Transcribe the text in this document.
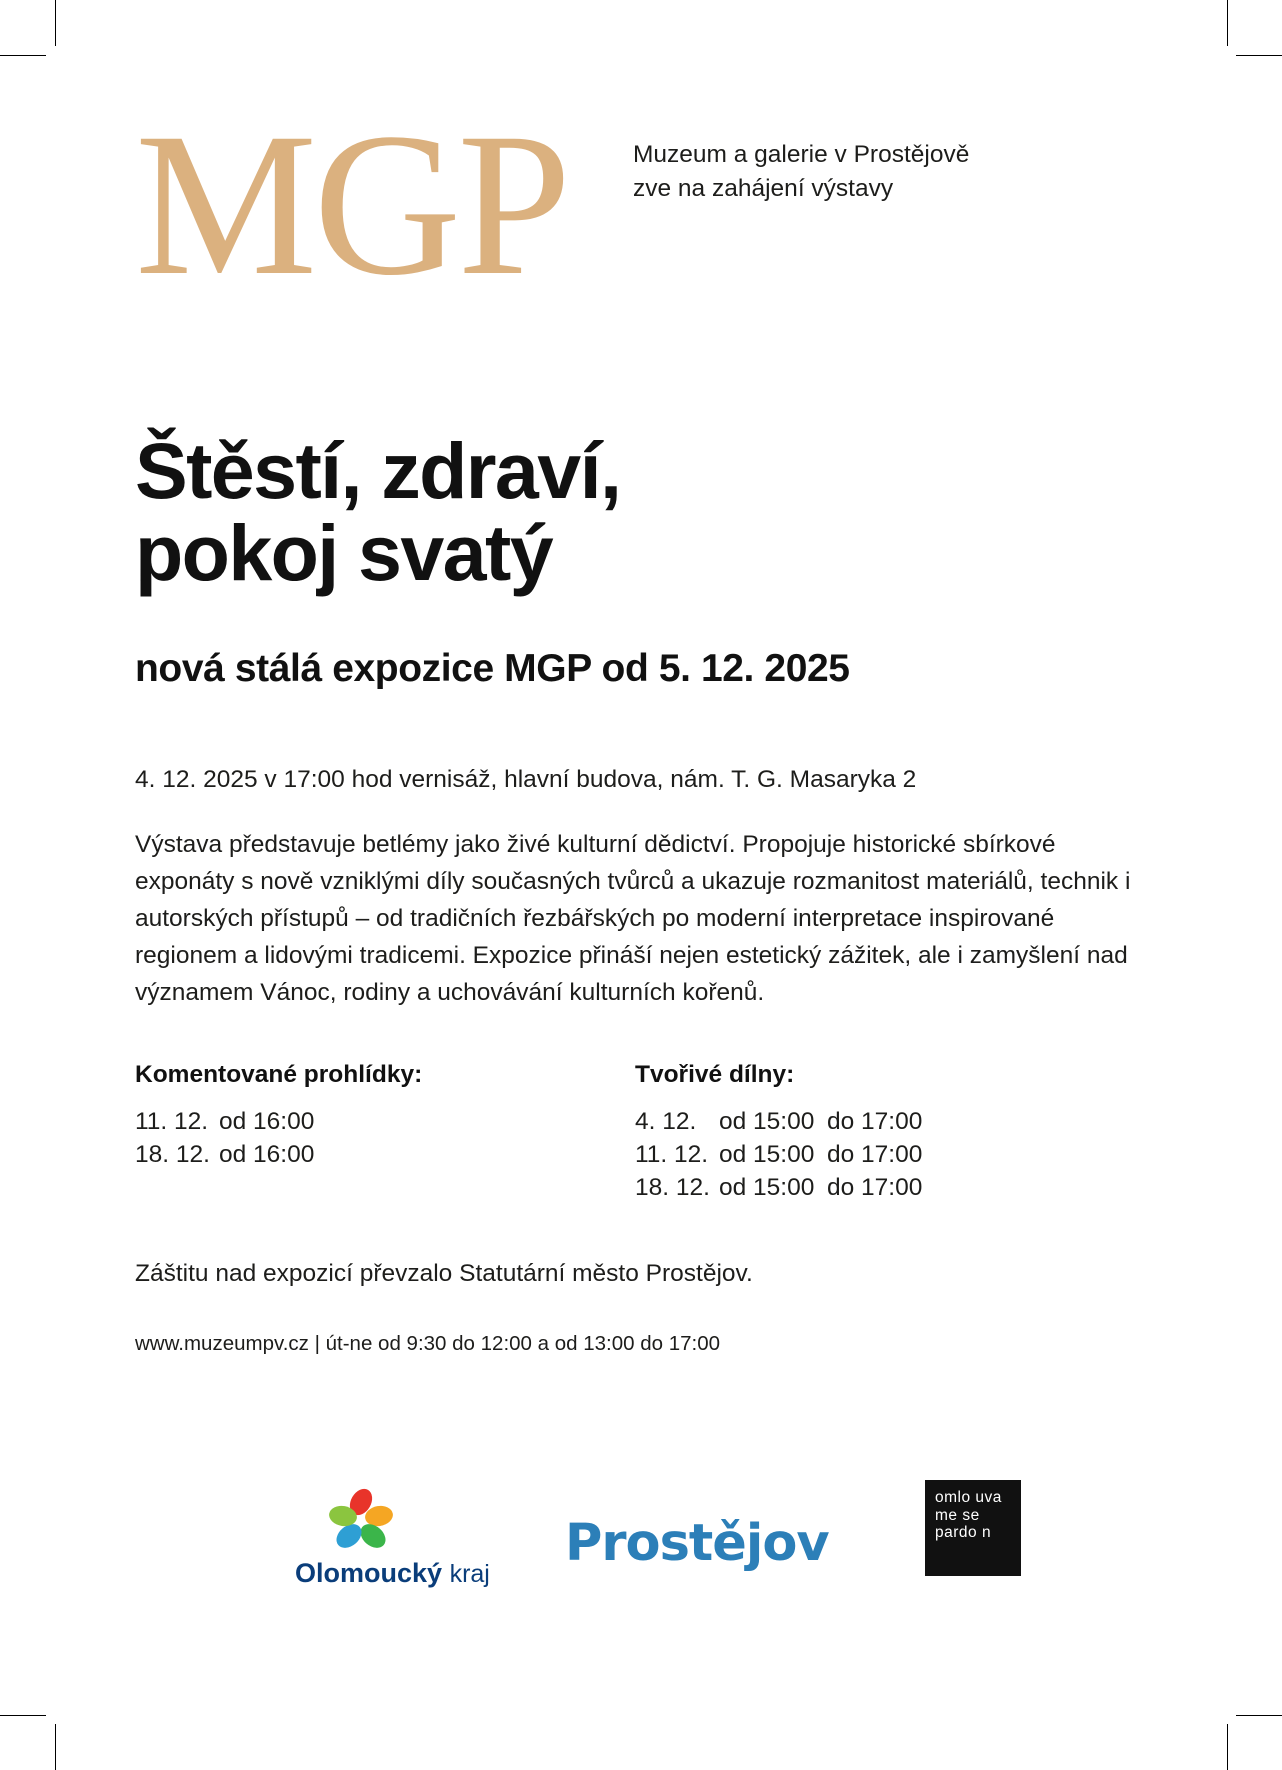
MGP	Muzeum a galerie v Prostějově
zve na zahájení výstavy
Štěstí, zdraví,
pokoj svatý
nová stálá expozice MGP od 5. 12. 2025
4. 12. 2025 v 17:00 hod vernisáž, hlavní budova, nám. T. G. Masaryka 2
Výstava představuje betlémy jako živé kulturní dědictví. Propojuje historické sbírkové exponáty s nově vzniklými díly současných tvůrců a ukazuje rozmanitost materiálů, technik i autorských přístupů – od tradičních řezbářských po moderní interpretace inspirované regionem a lidovými tradicemi. Expozice přináší nejen estetický zážitek, ale i zamyšlení nad významem Vánoc, rodiny a uchovávání kulturních kořenů.
Komentované prohlídky:
11. 12. od 16:00
18. 12. od 16:00
Tvořivé dílny:
4. 12. od 15:00 do 17:00
11. 12. od 15:00 do 17:00
18. 12. od 15:00 do 17:00
Záštitu nad expozicí převzalo Statutární město Prostějov.
www.muzeumpv.cz | út-ne od 9:30 do 12:00 a od 13:00 do 17:00
Olomoucký kraj
Prostějov
omlo uva me se pardo n
